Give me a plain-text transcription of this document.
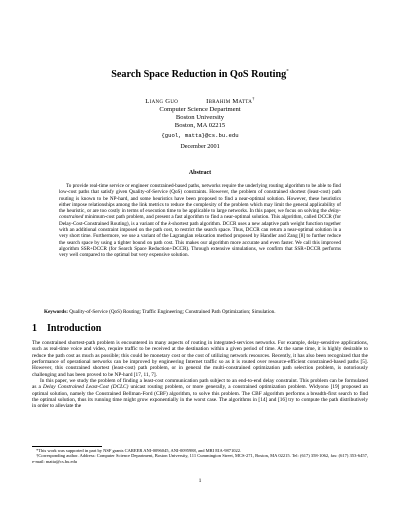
Search Space Reduction in QoS Routing*
Liang Guo	Ibrahim Matta†
Computer Science Department
Boston University
Boston, MA 02215
{guol, matta}@cs.bu.edu
December 2001
Abstract
To provide real-time service or engineer constrained-based paths, networks require the underlying routing algorithm to be able to find low-cost paths that satisfy given Quality-of-Service (QoS) constraints. However, the problem of constrained shortest (least-cost) path routing is known to be NP-hard, and some heuristics have been proposed to find a near-optimal solution. However, these heuristics either impose relationships among the link metrics to reduce the complexity of the problem which may limit the general applicability of the heuristic, or are too costly in terms of execution time to be applicable to large networks. In this paper, we focus on solving the delay-constrained minimum-cost path problem, and present a fast algorithm to find a near-optimal solution. This algorithm, called DCCR (for Delay-Cost-Constrained Routing), is a variant of the k-shortest path algorithm. DCCR uses a new adaptive path weight function together with an additional constraint imposed on the path cost, to restrict the search space. Thus, DCCR can return a near-optimal solution in a very short time. Furthermore, we use a variant of the Lagrangian relaxation method proposed by Handler and Zang [8] to further reduce the search space by using a tighter bound on path cost. This makes our algorithm more accurate and even faster. We call this improved algorithm SSR+DCCR (for Search Space Reduction+DCCR). Through extensive simulations, we confirm that SSR+DCCR performs very well compared to the optimal but very expensive solution.
Keywords: Quality-of-Service (QoS) Routing; Traffic Engineering; Constrained Path Optimization; Simulation.
1 Introduction

The constrained shortest-path problem is encountered in many aspects of routing in integrated-services networks. For example, delay-sensitive applications, such as real-time voice and video, require traffic to be received at the destination within a given period of time. At the same time, it is highly desirable to reduce the path cost as much as possible; this could be monetary cost or the cost of utilizing network resources. Recently, it has also been recognized that the performance of operational networks can be improved by engineering Internet traffic so as it is routed over resource-efficient constrained-based paths [5]. However, this constrained shortest (least-cost) path problem, or in general the multi-constrained optimization path selection problem, is notoriously challenging and has been proved to be NP-hard [17, 11, 7].

In this paper, we study the problem of finding a least-cost communication path subject to an end-to-end delay constraint. This problem can be formulated as a Delay Constrained Least-Cost (DCLC) unicast routing problem, or more generally, a constrained optimization problem. Widyono [19] proposed an optimal solution, namely the Constrained Bellman-Ford (CBF) algorithm, to solve this problem. The CBF algorithm performs a breadth-first search to find the optimal solution, thus its running time might grow exponentially in the worst case. The algorithms in [14] and [16] try to compute the path distributively in order to alleviate the

*This work was supported in part by NSF grants CAREER ANI-0096045, ANI-0095988, and MRI EIA-9871022.

†Corresponding author. Address: Computer Science Department, Boston University, 111 Cummington Street, MCS-271, Boston, MA 02215. Tel: (617) 358-1062, fax: (617) 353-6457, e-mail: matta@cs.bu.edu

1
